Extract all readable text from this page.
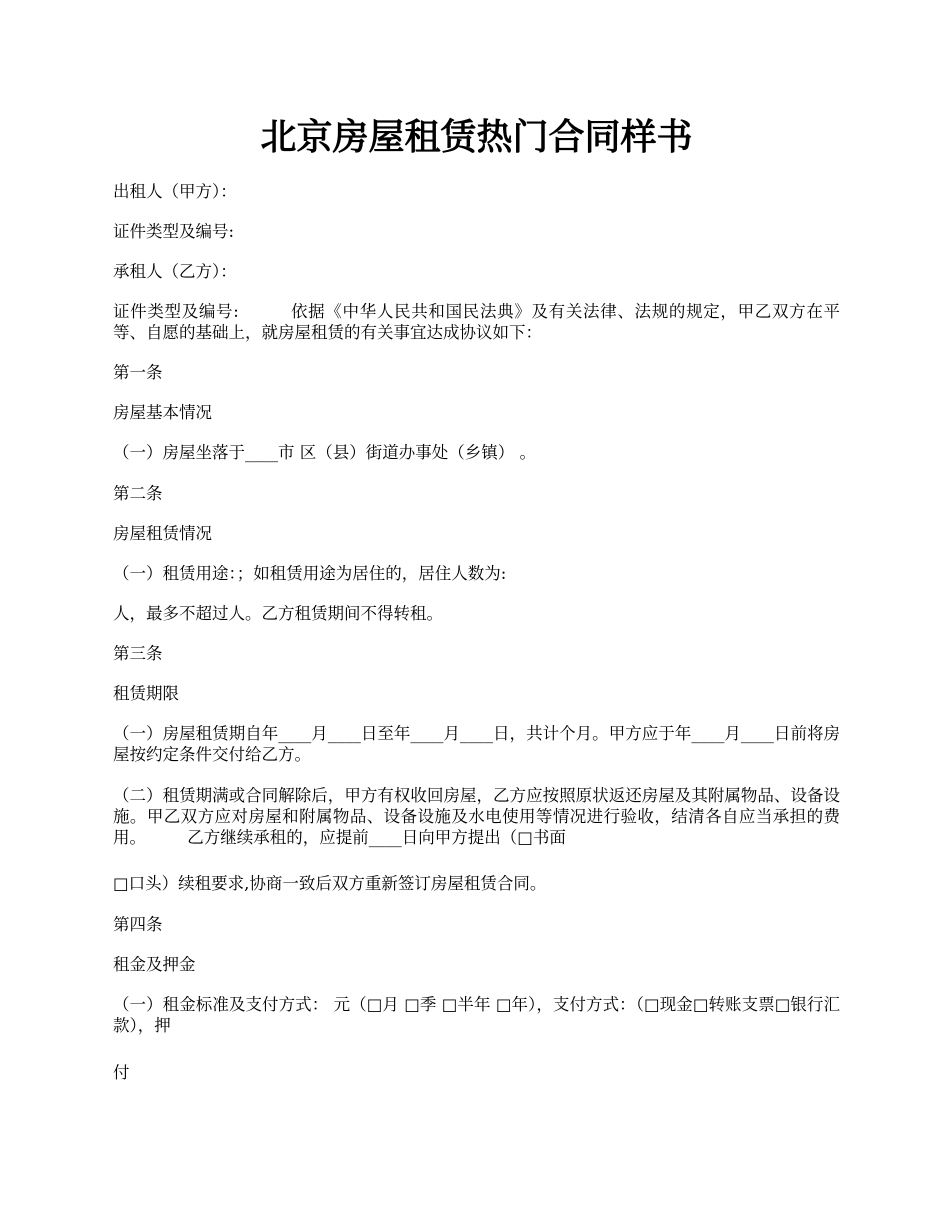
北京房屋租赁热门合同样书

出租人（甲方）：

证件类型及编号:

承租人（乙方）：

证件类型及编号:　　　依据《中华人民共和国民法典》及有关法律、法规的规定，甲乙双方在平等、自愿的基础上，就房屋租赁的有关事宜达成协议如下：

第一条

房屋基本情况

（一）房屋坐落于____市 区（县）街道办事处（乡镇） 。

第二条

房屋租赁情况

（一）租赁用途：；如租赁用途为居住的，居住人数为:

人，最多不超过人。乙方租赁期间不得转租。

第三条

租赁期限

（一）房屋租赁期自年____月____日至年____月____日，共计个月。甲方应于年____月____日前将房屋按约定条件交付给乙方。

（二）租赁期满或合同解除后，甲方有权收回房屋，乙方应按照原状返还房屋及其附属物品、设备设施。甲乙双方应对房屋和附属物品、设备设施及水电使用等情况进行验收，结清各自应当承担的费用。　　　乙方继续承租的，应提前____日向甲方提出（□书面

□口头）续租要求,协商一致后双方重新签订房屋租赁合同。

第四条

租金及押金

（一）租金标准及支付方式： 元（□月 □季 □半年 □年），支付方式：（□现金□转账支票□银行汇款），押

付
